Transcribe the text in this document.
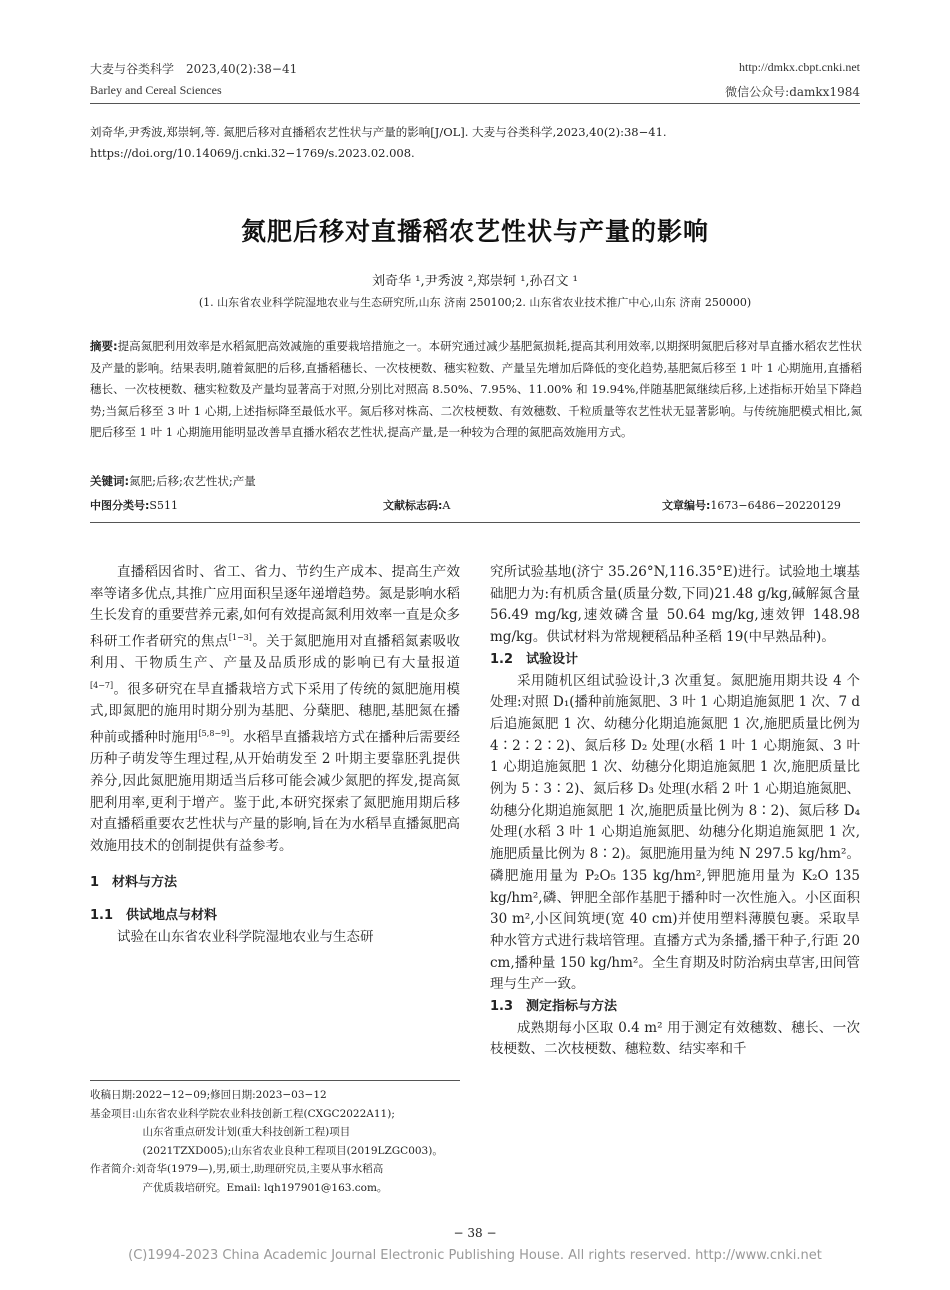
大麦与谷类科学　2023,40(2):38−41
Barley and Cereal Sciences
http://dmkx.cbpt.cnki.net
微信公众号:damkx1984
刘奇华,尹秀波,郑崇轲,等. 氮肥后移对直播稻农艺性状与产量的影响[J/OL]. 大麦与谷类科学,2023,40(2):38−41. https://doi.org/10.14069/j.cnki.32−1769/s.2023.02.008.
氮肥后移对直播稻农艺性状与产量的影响
刘奇华 ¹,尹秀波 ²,郑崇轲 ¹,孙召文 ¹
(1. 山东省农业科学院湿地农业与生态研究所,山东 济南 250100;2. 山东省农业技术推广中心,山东 济南 250000)
摘要:提高氮肥利用效率是水稻氮肥高效减施的重要栽培措施之一。本研究通过减少基肥氮损耗,提高其利用效率,以期探明氮肥后移对旱直播水稻农艺性状及产量的影响。结果表明,随着氮肥的后移,直播稻穗长、一次枝梗数、穗实粒数、产量呈先增加后降低的变化趋势,基肥氮后移至 1 叶 1 心期施用,直播稻穗长、一次枝梗数、穗实粒数及产量均显著高于对照,分别比对照高 8.50%、7.95%、11.00% 和 19.94%,伴随基肥氮继续后移,上述指标开始呈下降趋势;当氮后移至 3 叶 1 心期,上述指标降至最低水平。氮后移对株高、二次枝梗数、有效穗数、千粒质量等农艺性状无显著影响。与传统施肥模式相比,氮肥后移至 1 叶 1 心期施用能明显改善旱直播水稻农艺性状,提高产量,是一种较为合理的氮肥高效施用方式。
关键词:氮肥;后移;农艺性状;产量
中图分类号:S511	文献标志码:A	文章编号:1673−6486−20220129

直播稻因省时、省工、省力、节约生产成本、提高生产效率等诸多优点,其推广应用面积呈逐年递增趋势。氮是影响水稻生长发育的重要营养元素,如何有效提高氮利用效率一直是众多科研工作者研究的焦点[1−3]。关于氮肥施用对直播稻氮素吸收利用、干物质生产、产量及品质形成的影响已有大量报道[4−7]。很多研究在旱直播栽培方式下采用了传统的氮肥施用模式,即氮肥的施用时期分别为基肥、分蘖肥、穗肥,基肥氮在播种前或播种时施用[5,8−9]。水稻旱直播栽培方式在播种后需要经历种子萌发等生理过程,从开始萌发至 2 叶期主要靠胚乳提供养分,因此氮肥施用期适当后移可能会减少氮肥的挥发,提高氮肥利用率,更利于增产。鉴于此,本研究探索了氮肥施用期后移对直播稻重要农艺性状与产量的影响,旨在为水稻旱直播氮肥高效施用技术的创制提供有益参考。

1　材料与方法

1.1　供试地点与材料

试验在山东省农业科学院湿地农业与生态研

收稿日期:2022−12−09;修回日期:2023−03−12
基金项目:山东省农业科学院农业科技创新工程(CXGC2022A11);
山东省重点研发计划(重大科技创新工程)项目
(2021TZXD005);山东省农业良种工程项目(2019LZGC003)。
作者简介:刘奇华(1979—),男,硕士,助理研究员,主要从事水稻高
产优质栽培研究。Email: lqh197901@163.com。

究所试验基地(济宁 35.26°N,116.35°E)进行。试验地土壤基础肥力为:有机质含量(质量分数,下同)21.48 g/kg,碱解氮含量 56.49 mg/kg,速效磷含量 50.64 mg/kg,速效钾 148.98 mg/kg。供试材料为常规粳稻品种圣稻 19(中早熟品种)。

1.2　试验设计

采用随机区组试验设计,3 次重复。氮肥施用期共设 4 个处理:对照 D₁(播种前施氮肥、3 叶 1 心期追施氮肥 1 次、7 d 后追施氮肥 1 次、幼穗分化期追施氮肥 1 次,施肥质量比例为 4∶2∶2∶2)、氮后移 D₂ 处理(水稻 1 叶 1 心期施氮、3 叶 1 心期追施氮肥 1 次、幼穗分化期追施氮肥 1 次,施肥质量比例为 5∶3∶2)、氮后移 D₃ 处理(水稻 2 叶 1 心期追施氮肥、幼穗分化期追施氮肥 1 次,施肥质量比例为 8∶2)、氮后移 D₄ 处理(水稻 3 叶 1 心期追施氮肥、幼穗分化期追施氮肥 1 次,施肥质量比例为 8∶2)。氮肥施用量为纯 N 297.5 kg/hm²。磷肥施用量为 P₂O₅ 135 kg/hm²,钾肥施用量为 K₂O 135 kg/hm²,磷、钾肥全部作基肥于播种时一次性施入。小区面积 30 m²,小区间筑埂(宽 40 cm)并使用塑料薄膜包裹。采取旱种水管方式进行栽培管理。直播方式为条播,播干种子,行距 20 cm,播种量 150 kg/hm²。全生育期及时防治病虫草害,田间管理与生产一致。

1.3　测定指标与方法

成熟期每小区取 0.4 m² 用于测定有效穗数、穗长、一次枝梗数、二次枝梗数、穗粒数、结实率和千

− 38 −
(C)1994-2023 China Academic Journal Electronic Publishing House. All rights reserved. http://www.cnki.net
